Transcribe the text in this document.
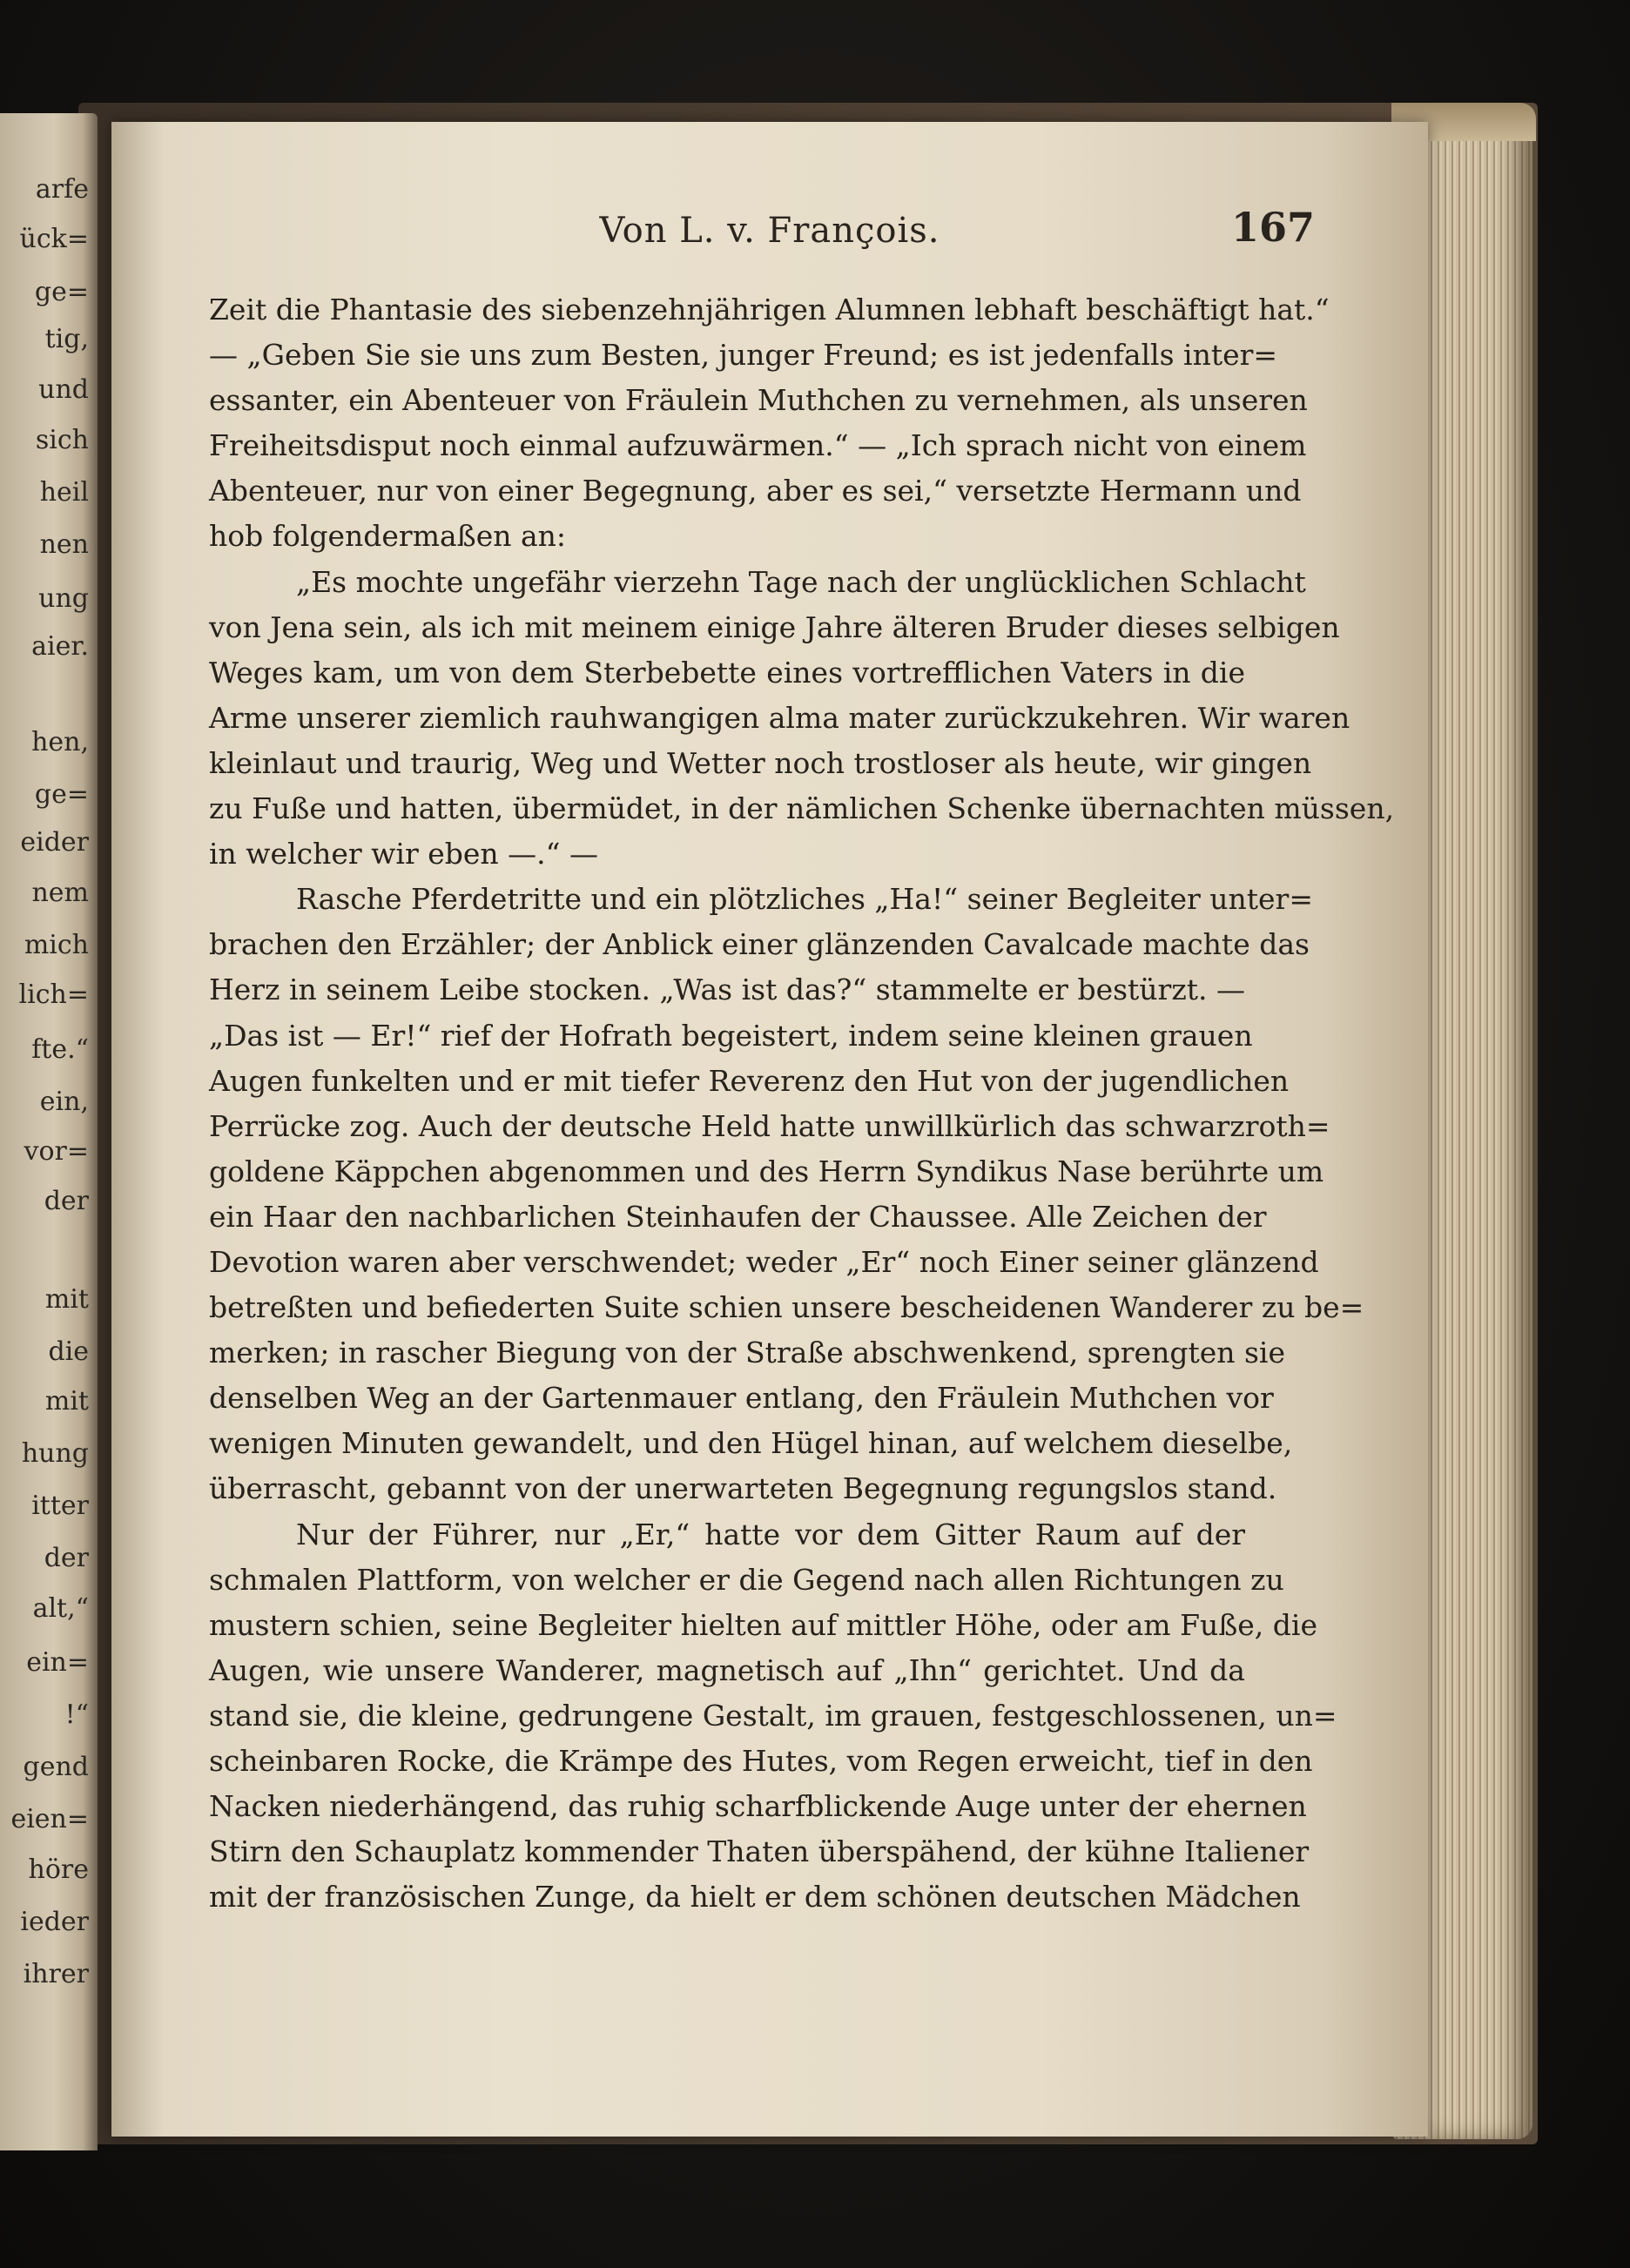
arfe
ück=
ge=
tig,
und
sich
heil
nen
ung
aier.
hen,
ge=
eider
nem
mich
lich=
fte.“
ein,
vor=
der
mit
die
mit
hung
itter
der
alt,“
ein=
!“
gend
eien=
höre
ieder
ihrer
Von L. v. François.	167
Zeit die Phantasie des siebenzehnjährigen Alumnen lebhaft beschäftigt hat.“
— „Geben Sie sie uns zum Besten, junger Freund; es ist jedenfalls inter=
essanter, ein Abenteuer von Fräulein Muthchen zu vernehmen, als unseren
Freiheitsdisput noch einmal aufzuwärmen.“ — „Ich sprach nicht von einem
Abenteuer, nur von einer Begegnung, aber es sei,“ versetzte Hermann und
hob folgendermaßen an:
„Es mochte ungefähr vierzehn Tage nach der unglücklichen Schlacht
von Jena sein, als ich mit meinem einige Jahre älteren Bruder dieses selbigen
Weges kam, um von dem Sterbebette eines vortrefflichen Vaters in die
Arme unserer ziemlich rauhwangigen alma mater zurückzukehren. Wir waren
kleinlaut und traurig, Weg und Wetter noch trostloser als heute, wir gingen
zu Fuße und hatten, übermüdet, in der nämlichen Schenke übernachten müssen,
in welcher wir eben —.“ —
Rasche Pferdetritte und ein plötzliches „Ha!“ seiner Begleiter unter=
brachen den Erzähler; der Anblick einer glänzenden Cavalcade machte das
Herz in seinem Leibe stocken. „Was ist das?“ stammelte er bestürzt. —
„Das ist — Er!“ rief der Hofrath begeistert, indem seine kleinen grauen
Augen funkelten und er mit tiefer Reverenz den Hut von der jugendlichen
Perrücke zog. Auch der deutsche Held hatte unwillkürlich das schwarzroth=
goldene Käppchen abgenommen und des Herrn Syndikus Nase berührte um
ein Haar den nachbarlichen Steinhaufen der Chaussee. Alle Zeichen der
Devotion waren aber verschwendet; weder „Er“ noch Einer seiner glänzend
betreßten und befiederten Suite schien unsere bescheidenen Wanderer zu be=
merken; in rascher Biegung von der Straße abschwenkend, sprengten sie
denselben Weg an der Gartenmauer entlang, den Fräulein Muthchen vor
wenigen Minuten gewandelt, und den Hügel hinan, auf welchem dieselbe,
überrascht, gebannt von der unerwarteten Begegnung regungslos stand.
Nur der Führer, nur „Er,“ hatte vor dem Gitter Raum auf der
schmalen Plattform, von welcher er die Gegend nach allen Richtungen zu
mustern schien, seine Begleiter hielten auf mittler Höhe, oder am Fuße, die
Augen, wie unsere Wanderer, magnetisch auf „Ihn“ gerichtet. Und da
stand sie, die kleine, gedrungene Gestalt, im grauen, festgeschlossenen, un=
scheinbaren Rocke, die Krämpe des Hutes, vom Regen erweicht, tief in den
Nacken niederhängend, das ruhig scharfblickende Auge unter der ehernen
Stirn den Schauplatz kommender Thaten überspähend, der kühne Italiener
mit der französischen Zunge, da hielt er dem schönen deutschen Mädchen
